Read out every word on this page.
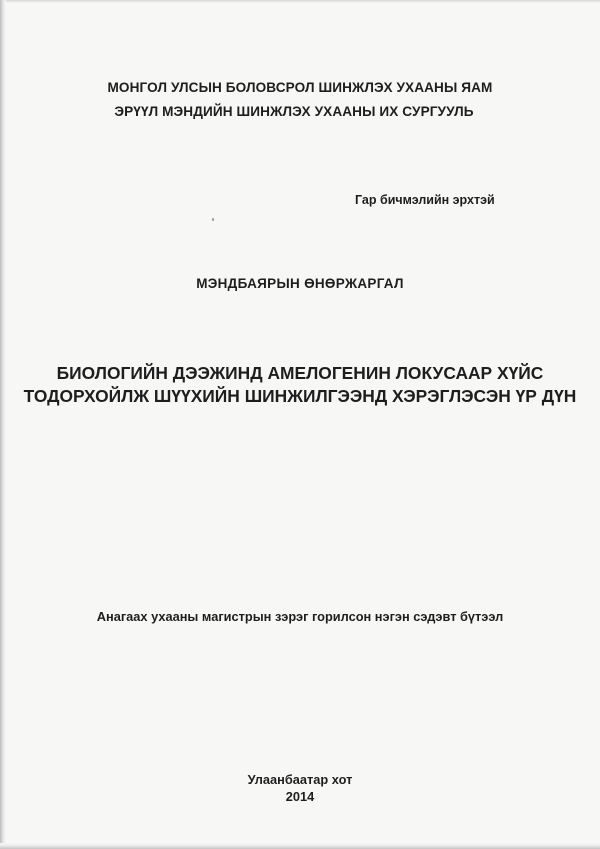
МОНГОЛ УЛСЫН БОЛОВСРОЛ ШИНЖЛЭХ УХААНЫ ЯАМ
ЭРҮҮЛ МЭНДИЙН ШИНЖЛЭХ УХААНЫ ИХ СУРГУУЛЬ
Гар бичмэлийн эрхтэй
МЭНДБАЯРЫН ӨНӨРЖАРГАЛ
БИОЛОГИЙН ДЭЭЖИНД АМЕЛОГЕНИН ЛОКУСААР ХҮЙС
ТОДОРХОЙЛЖ ШҮҮХИЙН ШИНЖИЛГЭЭНД ХЭРЭГЛЭСЭН ҮР ДҮН
Анагаах ухааны магистрын зэрэг горилсон нэгэн сэдэвт бүтээл
Улаанбаатар хот
2014
